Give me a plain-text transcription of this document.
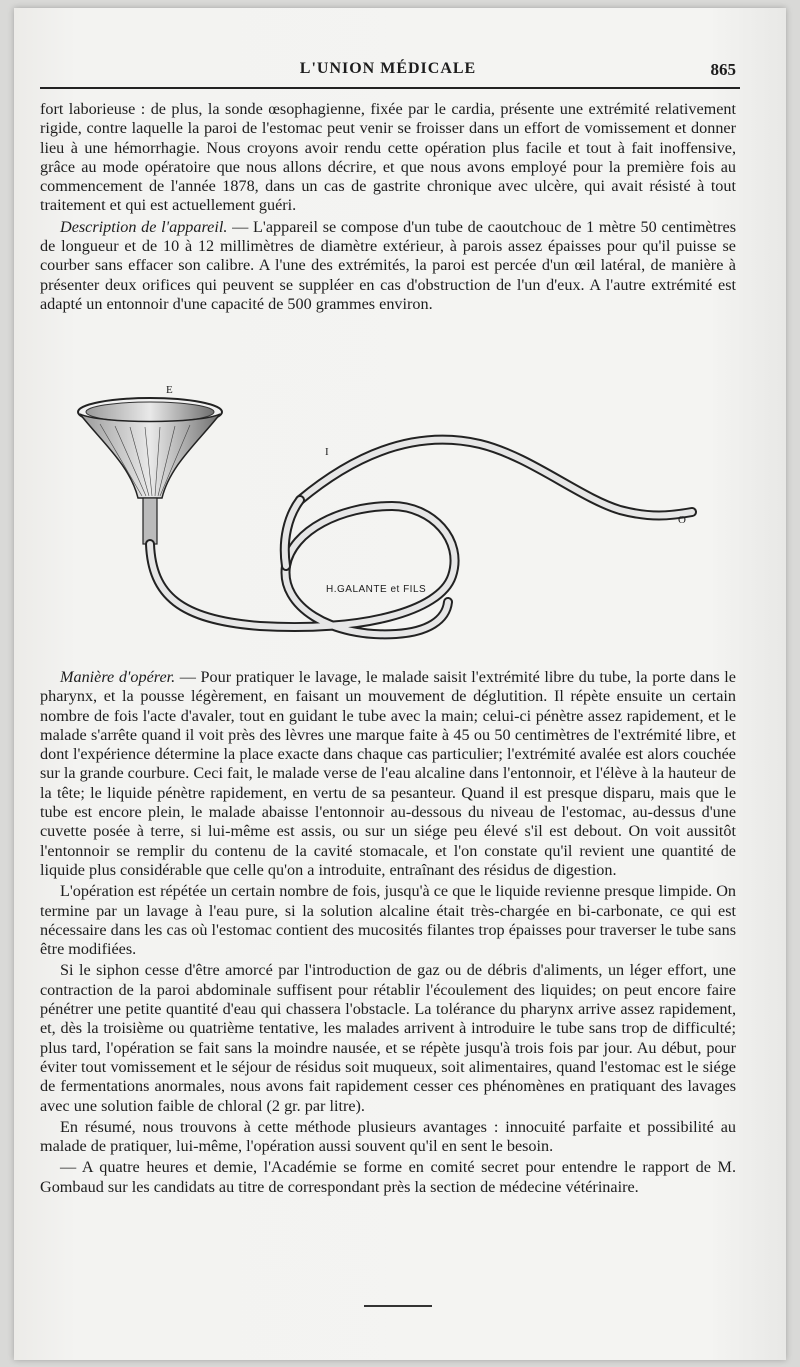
L'UNION MÉDICALE	865

fort laborieuse : de plus, la sonde œsophagienne, fixée par le cardia, présente une extrémité relativement rigide, contre laquelle la paroi de l'estomac peut venir se froisser dans un effort de vomissement et donner lieu à une hémorrhagie. Nous croyons avoir rendu cette opération plus facile et tout à fait inoffensive, grâce au mode opératoire que nous allons décrire, et que nous avons employé pour la première fois au commencement de l'année 1878, dans un cas de gastrite chronique avec ulcère, qui avait résisté à tout traitement et qui est actuellement guéri.

Description de l'appareil. — L'appareil se compose d'un tube de caoutchouc de 1 mètre 50 centimètres de longueur et de 10 à 12 millimètres de diamètre extérieur, à parois assez épaisses pour qu'il puisse se courber sans effacer son calibre. A l'une des extrémités, la paroi est percée d'un œil latéral, de manière à présenter deux orifices qui peuvent se suppléer en cas d'obstruction de l'un d'eux. A l'autre extrémité est adapté un entonnoir d'une capacité de 500 grammes environ.

E
I
O
H.GALANTE et FILS

Manière d'opérer. — Pour pratiquer le lavage, le malade saisit l'extrémité libre du tube, la porte dans le pharynx, et la pousse légèrement, en faisant un mouvement de déglutition. Il répète ensuite un certain nombre de fois l'acte d'avaler, tout en guidant le tube avec la main; celui-ci pénètre assez rapidement, et le malade s'arrête quand il voit près des lèvres une marque faite à 45 ou 50 centimètres de l'extrémité libre, et dont l'expérience détermine la place exacte dans chaque cas particulier; l'extrémité avalée est alors couchée sur la grande courbure. Ceci fait, le malade verse de l'eau alcaline dans l'entonnoir, et l'élève à la hauteur de la tête; le liquide pénètre rapidement, en vertu de sa pesanteur. Quand il est presque disparu, mais que le tube est encore plein, le malade abaisse l'entonnoir au-dessous du niveau de l'estomac, au-dessus d'une cuvette posée à terre, si lui-même est assis, ou sur un siége peu élevé s'il est debout. On voit aussitôt l'entonnoir se remplir du contenu de la cavité stomacale, et l'on constate qu'il revient une quantité de liquide plus considérable que celle qu'on a introduite, entraînant des résidus de digestion.

L'opération est répétée un certain nombre de fois, jusqu'à ce que le liquide revienne presque limpide. On termine par un lavage à l'eau pure, si la solution alcaline était très-chargée en bi-carbonate, ce qui est nécessaire dans les cas où l'estomac contient des mucosités filantes trop épaisses pour traverser le tube sans être modifiées.

Si le siphon cesse d'être amorcé par l'introduction de gaz ou de débris d'aliments, un léger effort, une contraction de la paroi abdominale suffisent pour rétablir l'écoulement des liquides; on peut encore faire pénétrer une petite quantité d'eau qui chassera l'obstacle. La tolérance du pharynx arrive assez rapidement, et, dès la troisième ou quatrième tentative, les malades arrivent à introduire le tube sans trop de difficulté; plus tard, l'opération se fait sans la moindre nausée, et se répète jusqu'à trois fois par jour. Au début, pour éviter tout vomissement et le séjour de résidus soit muqueux, soit alimentaires, quand l'estomac est le siége de fermentations anormales, nous avons fait rapidement cesser ces phénomènes en pratiquant des lavages avec une solution faible de chloral (2 gr. par litre).

En résumé, nous trouvons à cette méthode plusieurs avantages : innocuité parfaite et possibilité au malade de pratiquer, lui-même, l'opération aussi souvent qu'il en sent le besoin.

— A quatre heures et demie, l'Académie se forme en comité secret pour entendre le rapport de M. Gombaud sur les candidats au titre de correspondant près la section de médecine vétérinaire.
